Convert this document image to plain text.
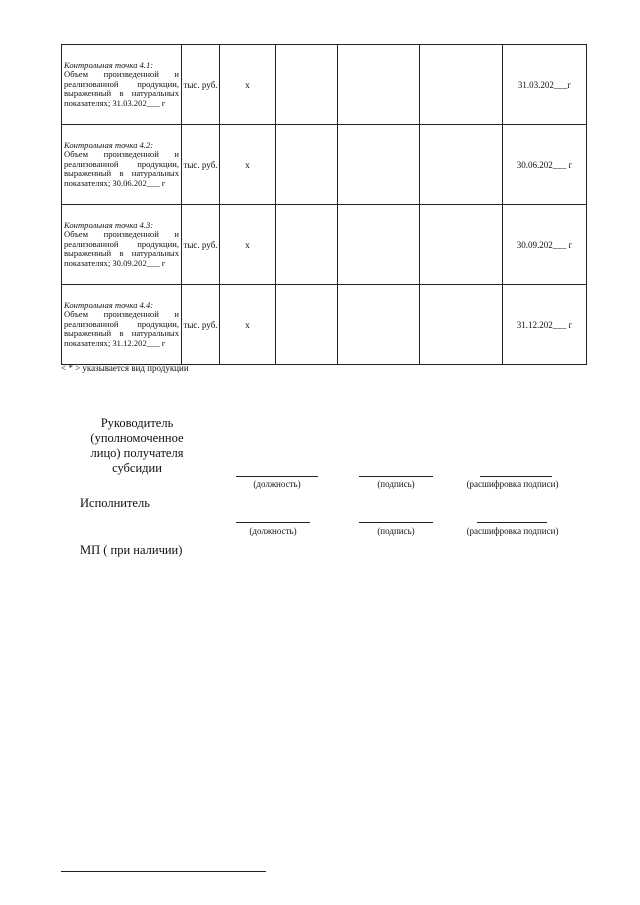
Контрольная точка 4.1:
Объем произведенной и реализованной продукции, выраженный в натуральных показателях; 31.03.202___ г	тыс. руб.	х				31.03.202___г

Контрольная точка 4.2:
Объем произведенной и реализованной продукции, выраженный в натуральных показателях; 30.06.202___ г	тыс. руб.	х				30.06.202___ г

Контрольная точка 4.3:
Объем произведенной и реализованной продукции, выраженный в натуральных показателях; 30.09.202___ г	тыс. руб.	х				30.09.202___ г

Контрольная точка 4.4:
Объем произведенной и реализованной продукции, выраженный в натуральных показателях; 31.12.202___ г	тыс. руб.	х				31.12.202___ г
< * > указывается вид продукции
Руководитель (уполномоченное лицо) получателя субсидии
(должность)	(подпись)	(расшифровка подписи)
Исполнитель
(должность)	(подпись)	(расшифровка подписи)
МП ( при наличии)
